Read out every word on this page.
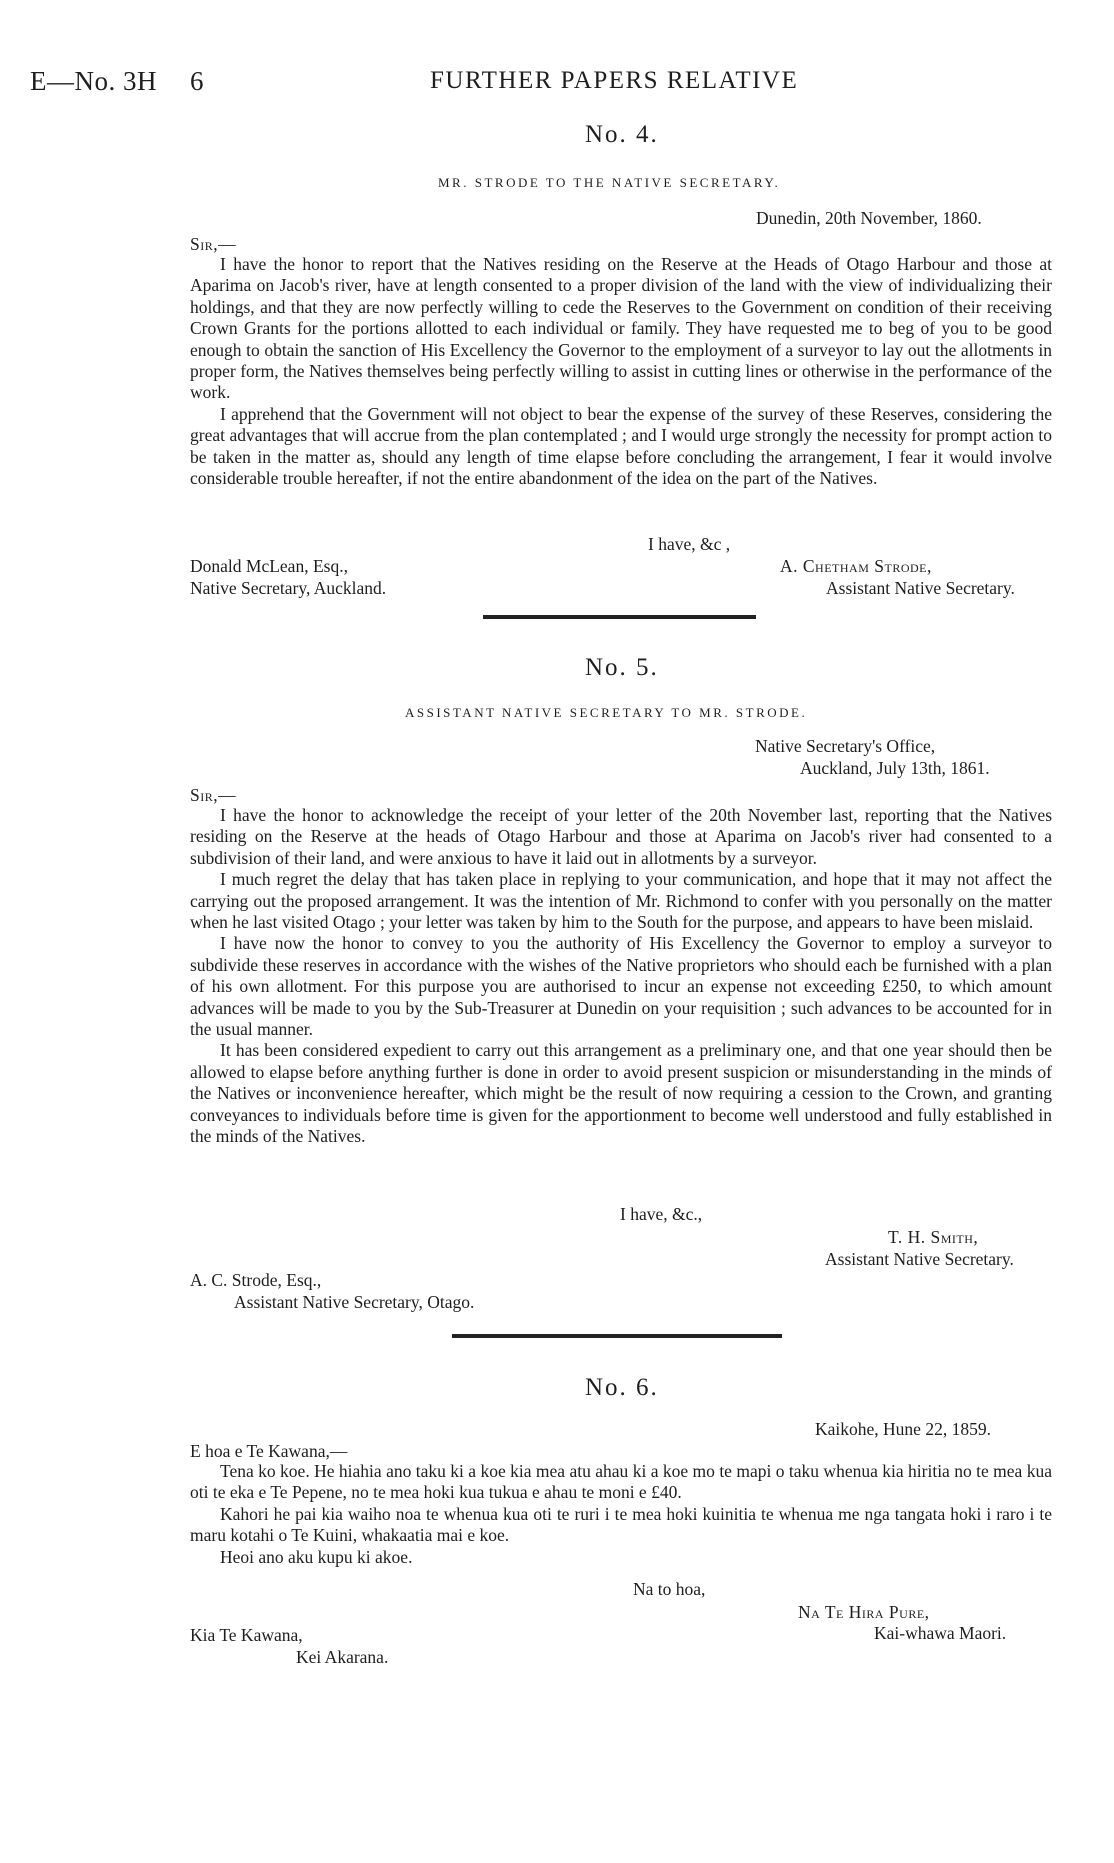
E—No. 3H 6	FURTHER PAPERS RELATIVE
No. 4.
MR. STRODE TO THE NATIVE SECRETARY.
Dunedin, 20th November, 1860.
Sir,—

I have the honor to report that the Natives residing on the Reserve at the Heads of Otago Harbour and those at Aparima on Jacob's river, have at length consented to a proper division of the land with the view of individualizing their holdings, and that they are now perfectly willing to cede the Reserves to the Government on condition of their receiving Crown Grants for the portions allotted to each individual or family. They have requested me to beg of you to be good enough to obtain the sanction of His Excellency the Governor to the employment of a surveyor to lay out the allotments in proper form, the Natives themselves being perfectly willing to assist in cutting lines or otherwise in the performance of the work.

I apprehend that the Government will not object to bear the expense of the survey of these Reserves, considering the great advantages that will accrue from the plan contemplated ; and I would urge strongly the necessity for prompt action to be taken in the matter as, should any length of time elapse before concluding the arrangement, I fear it would involve considerable trouble hereafter, if not the entire abandonment of the idea on the part of the Natives.

I have, &c ,
Donald McLean, Esq.,
Native Secretary, Auckland.
A. Chetham Strode,
Assistant Native Secretary.
No. 5.
ASSISTANT NATIVE SECRETARY TO MR. STRODE.
Native Secretary's Office,
Auckland, July 13th, 1861.
Sir,—

I have the honor to acknowledge the receipt of your letter of the 20th November last, reporting that the Natives residing on the Reserve at the heads of Otago Harbour and those at Aparima on Jacob's river had consented to a subdivision of their land, and were anxious to have it laid out in allotments by a surveyor.

I much regret the delay that has taken place in replying to your communication, and hope that it may not affect the carrying out the proposed arrangement. It was the intention of Mr. Richmond to confer with you personally on the matter when he last visited Otago ; your letter was taken by him to the South for the purpose, and appears to have been mislaid.

I have now the honor to convey to you the authority of His Excellency the Governor to employ a surveyor to subdivide these reserves in accordance with the wishes of the Native proprietors who should each be furnished with a plan of his own allotment. For this purpose you are authorised to incur an expense not exceeding £250, to which amount advances will be made to you by the Sub-Treasurer at Dunedin on your requisition ; such advances to be accounted for in the usual manner.

It has been considered expedient to carry out this arrangement as a preliminary one, and that one year should then be allowed to elapse before anything further is done in order to avoid present suspicion or misunderstanding in the minds of the Natives or inconvenience hereafter, which might be the result of now requiring a cession to the Crown, and granting conveyances to individuals before time is given for the apportionment to become well understood and fully established in the minds of the Natives.

I have, &c.,
T. H. Smith,
Assistant Native Secretary.
A. C. Strode, Esq.,
Assistant Native Secretary, Otago.
No. 6.
Kaikohe, Hune 22, 1859.
E hoa e Te Kawana,—

Tena ko koe. He hiahia ano taku ki a koe kia mea atu ahau ki a koe mo te mapi o taku whenua kia hiritia no te mea kua oti te eka e Te Pepene, no te mea hoki kua tukua e ahau te moni e £40.

Kahori he pai kia waiho noa te whenua kua oti te ruri i te mea hoki kuinitia te whenua me nga tangata hoki i raro i te maru kotahi o Te Kuini, whakaatia mai e koe.

Heoi ano aku kupu ki akoe.

Na to hoa,
Na Te Hira Pure,
Kai-whawa Maori.
Kia Te Kawana,
Kei Akarana.
